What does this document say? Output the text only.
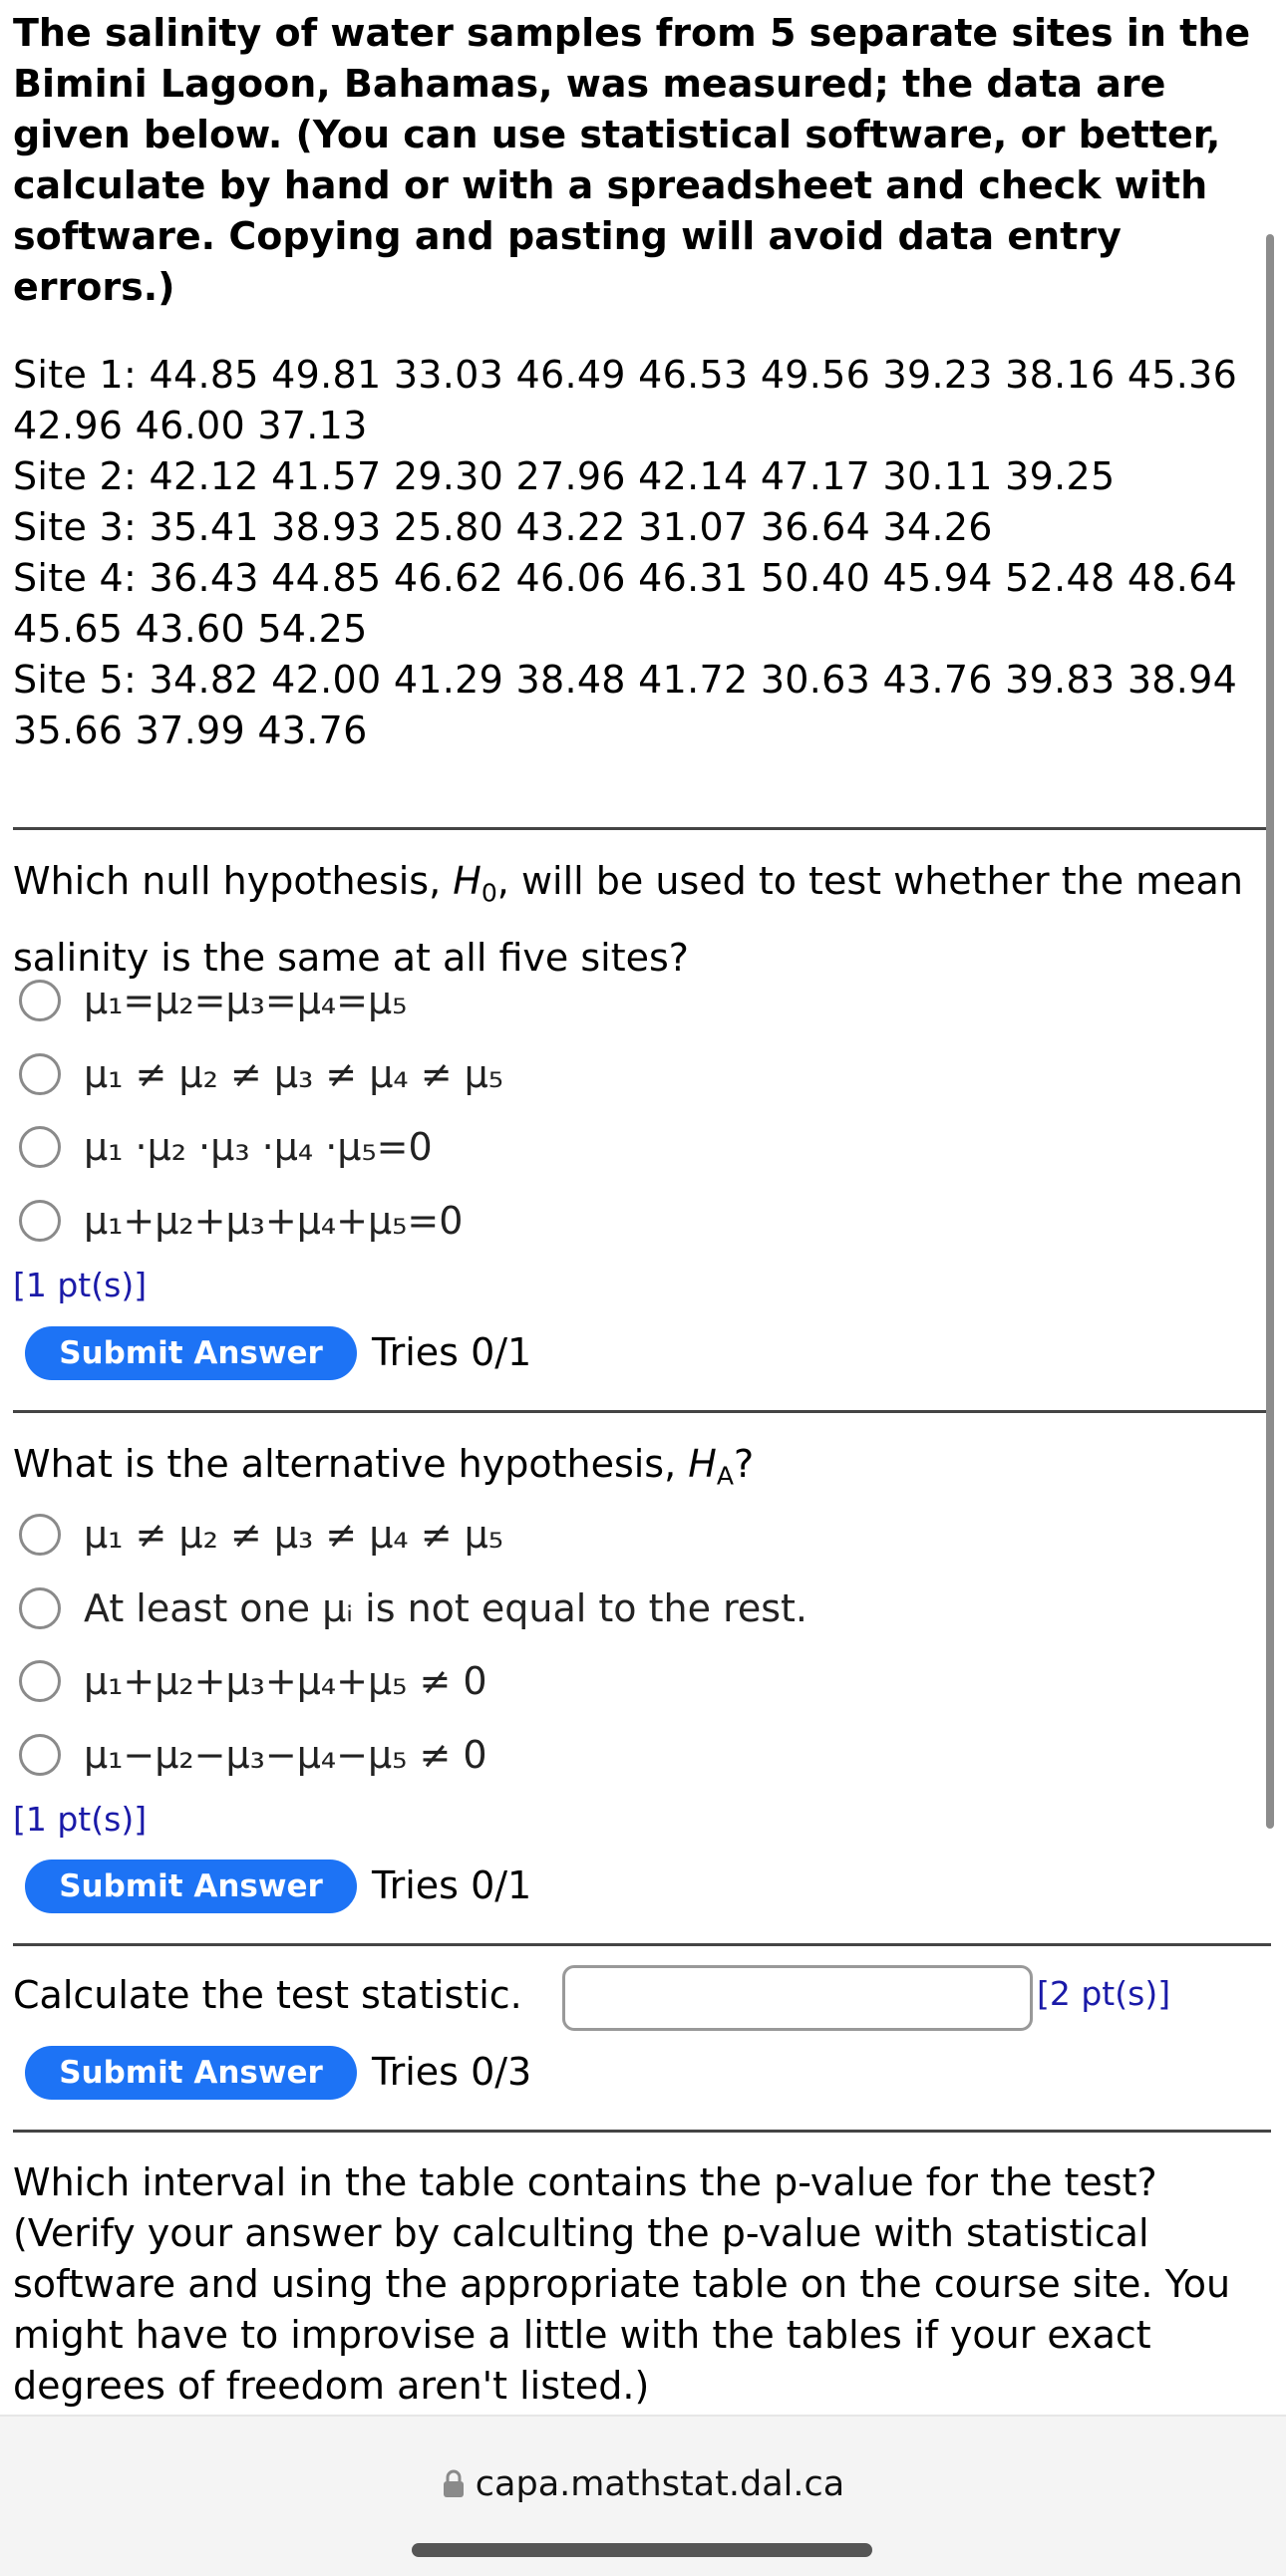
The salinity of water samples from 5 separate sites in the Bimini Lagoon, Bahamas, was measured; the data are given below. (You can use statistical software, or better, calculate by hand or with a spreadsheet and check with software. Copying and pasting will avoid data entry errors.)
Site 1: 44.85 49.81 33.03 46.49 46.53 49.56 39.23 38.16 45.36 42.96 46.00 37.13
Site 2: 42.12 41.57 29.30 27.96 42.14 47.17 30.11 39.25
Site 3: 35.41 38.93 25.80 43.22 31.07 36.64 34.26
Site 4: 36.43 44.85 46.62 46.06 46.31 50.40 45.94 52.48 48.64 45.65 43.60 54.25
Site 5: 34.82 42.00 41.29 38.48 41.72 30.63 43.76 39.83 38.94 35.66 37.99 43.76
Which null hypothesis, $H_0$, will be used to test whether the mean salinity is the same at all five sites?
μ₁=μ₂=μ₃=μ₄=μ₅
μ₁ ≠ μ₂ ≠ μ₃ ≠ μ₄ ≠ μ₅
μ₁ ·μ₂ ·μ₃ ·μ₄ ·μ₅=0
μ₁+μ₂+μ₃+μ₄+μ₅=0
[1 pt(s)]
Submit Answer	Tries 0/1
What is the alternative hypothesis, $H_A$?
μ₁ ≠ μ₂ ≠ μ₃ ≠ μ₄ ≠ μ₅
At least one μᵢ is not equal to the rest.
μ₁+μ₂+μ₃+μ₄+μ₅ ≠ 0
μ₁−μ₂−μ₃−μ₄−μ₅ ≠ 0
[1 pt(s)]
Submit Answer	Tries 0/1
Calculate the test statistic.	[2 pt(s)]
Submit Answer	Tries 0/3
Which interval in the table contains the p-value for the test? (Verify your answer by calculting the p-value with statistical software and using the appropriate table on the course site. You might have to improvise a little with the tables if your exact degrees of freedom aren't listed.)
capa.mathstat.dal.ca
